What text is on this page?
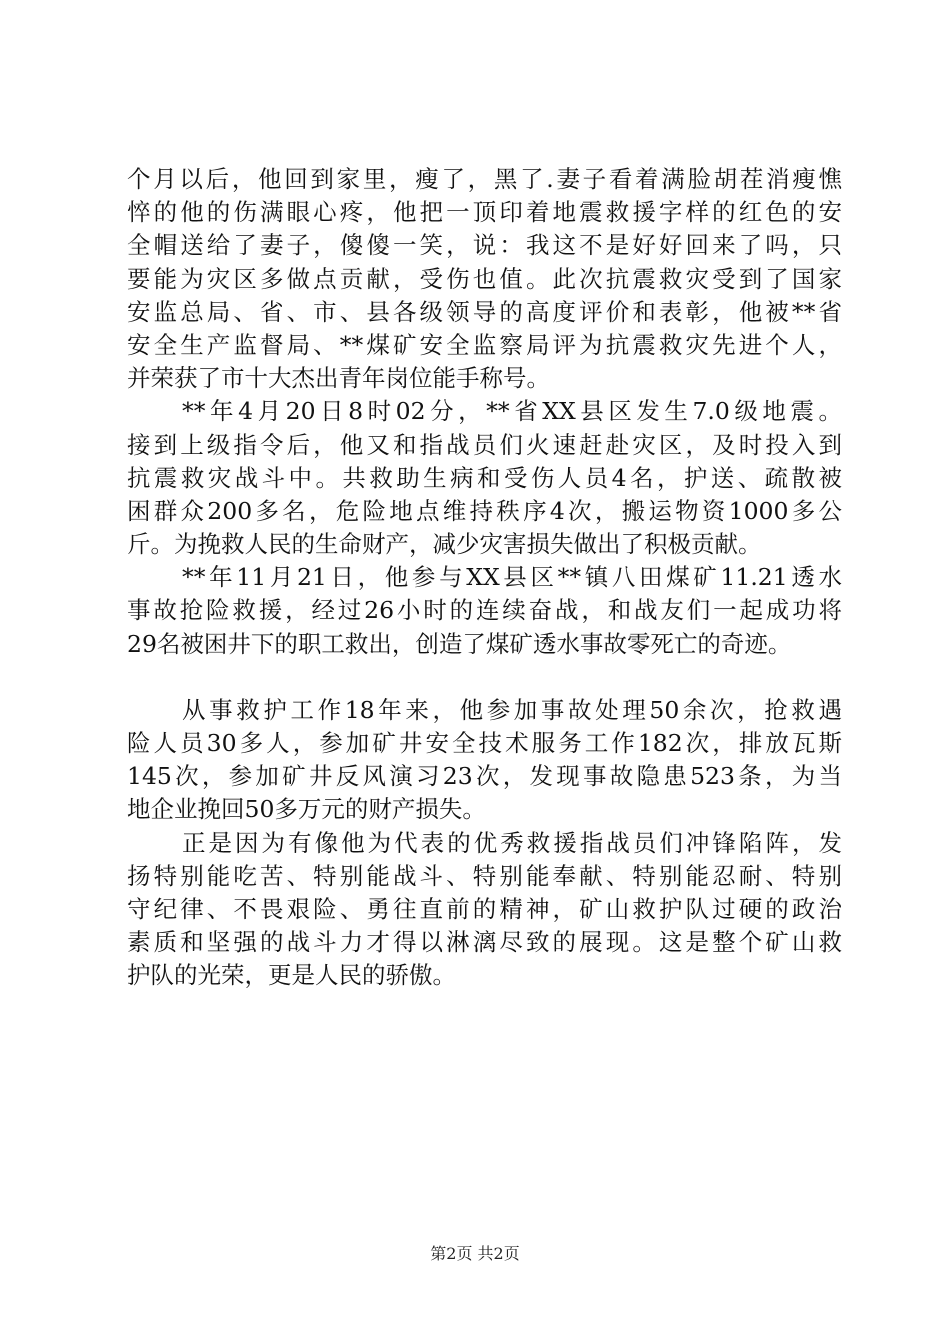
个月以后，他回到家里，瘦了，黑了.妻子看着满脸胡茬消瘦憔
悴的他的伤满眼心疼，他把一顶印着地震救援字样的红色的安
全帽送给了妻子，傻傻一笑，说：我这不是好好回来了吗，只
要能为灾区多做点贡献，受伤也值。此次抗震救灾受到了国家
安监总局、省、市、县各级领导的高度评价和表彰，他被**省
安全生产监督局、**煤矿安全监察局评为抗震救灾先进个人，
并荣获了市十大杰出青年岗位能手称号。
**年4月20日8时02分，**省XX县区发生7.0级地震。
接到上级指令后，他又和指战员们火速赶赴灾区，及时投入到
抗震救灾战斗中。共救助生病和受伤人员4名，护送、疏散被
困群众200多名，危险地点维持秩序4次，搬运物资1000多公
斤。为挽救人民的生命财产，减少灾害损失做出了积极贡献。
**年11月21日，他参与XX县区**镇八田煤矿11.21透水
事故抢险救援，经过26小时的连续奋战，和战友们一起成功将
29名被困井下的职工救出，创造了煤矿透水事故零死亡的奇迹。
从事救护工作18年来，他参加事故处理50余次，抢救遇
险人员30多人，参加矿井安全技术服务工作182次，排放瓦斯
145次，参加矿井反风演习23次，发现事故隐患523条，为当
地企业挽回50多万元的财产损失。
正是因为有像他为代表的优秀救援指战员们冲锋陷阵，发
扬特别能吃苦、特别能战斗、特别能奉献、特别能忍耐、特别
守纪律、不畏艰险、勇往直前的精神，矿山救护队过硬的政治
素质和坚强的战斗力才得以淋漓尽致的展现。这是整个矿山救
护队的光荣，更是人民的骄傲。
第2页 共2页
